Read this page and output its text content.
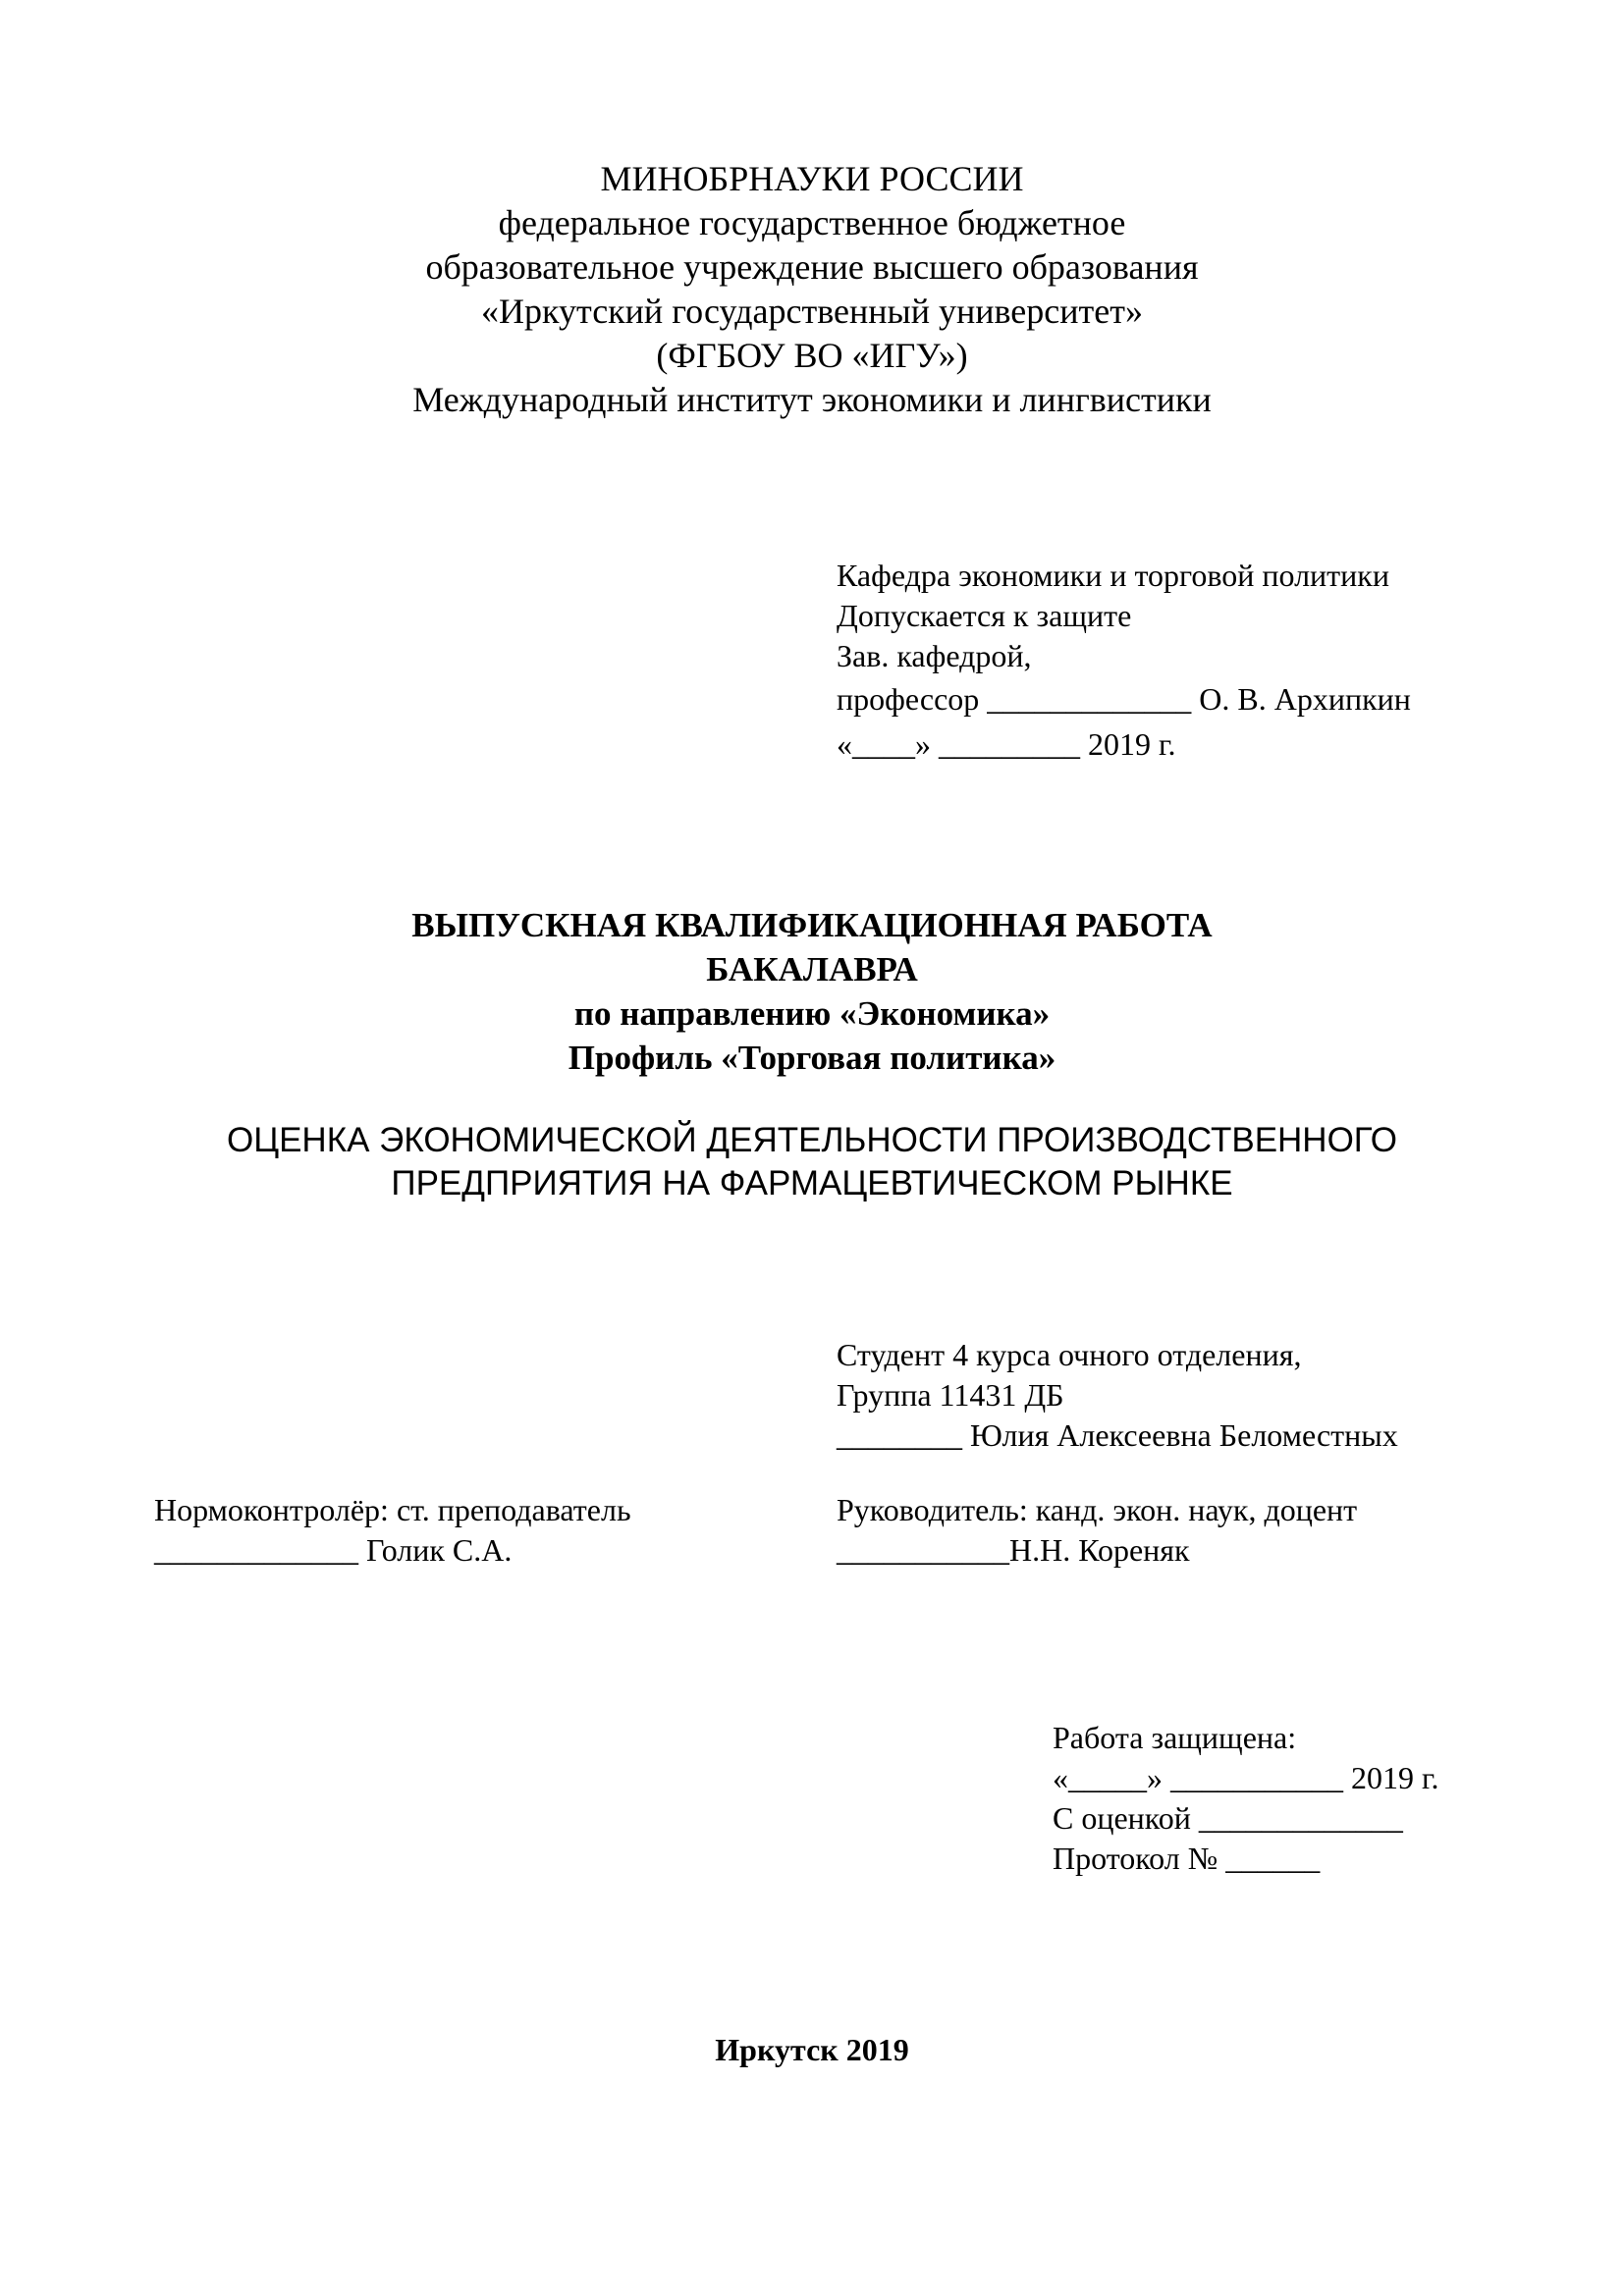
МИНОБРНАУКИ РОССИИ
федеральное государственное бюджетное
образовательное учреждение высшего образования
«Иркутский государственный университет»
(ФГБОУ ВО «ИГУ»)
Международный институт экономики и лингвистики
Кафедра экономики и торговой политики
Допускается к защите
Зав. кафедрой,
профессор _____________ О. В. Архипкин
«____» _________ 2019 г.
ВЫПУСКНАЯ КВАЛИФИКАЦИОННАЯ РАБОТА
БАКАЛАВРА
по направлению «Экономика»
Профиль «Торговая политика»
ОЦЕНКА ЭКОНОМИЧЕСКОЙ ДЕЯТЕЛЬНОСТИ ПРОИЗВОДСТВЕННОГО
ПРЕДПРИЯТИЯ НА ФАРМАЦЕВТИЧЕСКОМ РЫНКЕ
Студент 4 курса очного отделения,
Группа 11431 ДБ
________ Юлия Алексеевна Беломестных
Нормоконтролёр: ст. преподаватель
_____________ Голик С.А.
Руководитель: канд. экон. наук, доцент
___________Н.Н. Кореняк
Работа защищена:
«_____» ___________ 2019 г.
С оценкой _____________
Протокол № ______
Иркутск 2019
